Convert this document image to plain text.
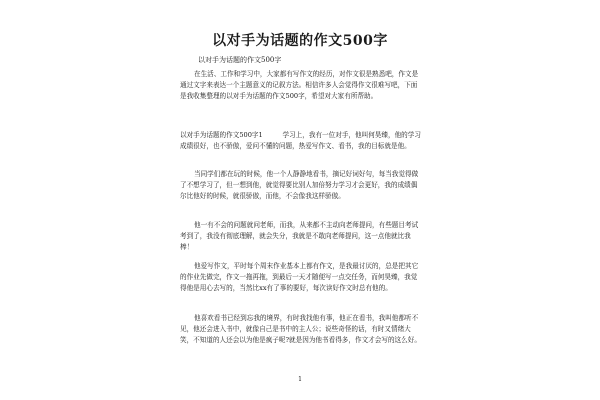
以对手为话题的作文500字
以对手为话题的作文500字

在生活、工作和学习中，大家都有写作文的经历，对作文很是熟悉吧，作文是通过文字来表达一个主题意义的记叙方法。相信许多人会觉得作文很难写吧，下面是我收集整理的以对手为话题的作文500字，希望对大家有所帮助。

以对手为话题的作文500字1　　　学习上，我有一位对手，他叫何昊臻，他的学习成绩很好，也不骄傲，爱问不懂的问题，热爱写作文、看书，我的目标就是他。

当同学们都在玩的时候，他一个人静静地看书，摘记好词好句，每当我觉得做了不想学习了，但一想到他，就觉得要比别人加倍努力学习才会更好，我的成绩偶尔比他好的时候，就很骄傲，而他，不会像我这样骄傲。

他一有不会的问题就问老师，而我，从来都不主动向老师提问，有些题目考试考到了，我没有彻底理解，就会失分，我就是不敢向老师提问，这一点他就比我棒！

他爱写作文，平时每个周末作业基本上都有作文，是我最讨厌的，总是把其它的作业先做完，作文一拖再拖，到最后一天才随便写一点交任务，而何昊臻，我觉得他是用心去写的，当然比xx有了事的要好，每次读好作文时总有他的。

他喜欢看书已经到忘我的境界，有时我找他有事，他正在看书，我叫他都听不见，他还会进入书中，就像自己是书中的主人公；说些奇怪的话，有时又情绪大笑，不知道的人还会以为他是疯子呢?就是因为他书看得多，作文才会写的这么好。

1
